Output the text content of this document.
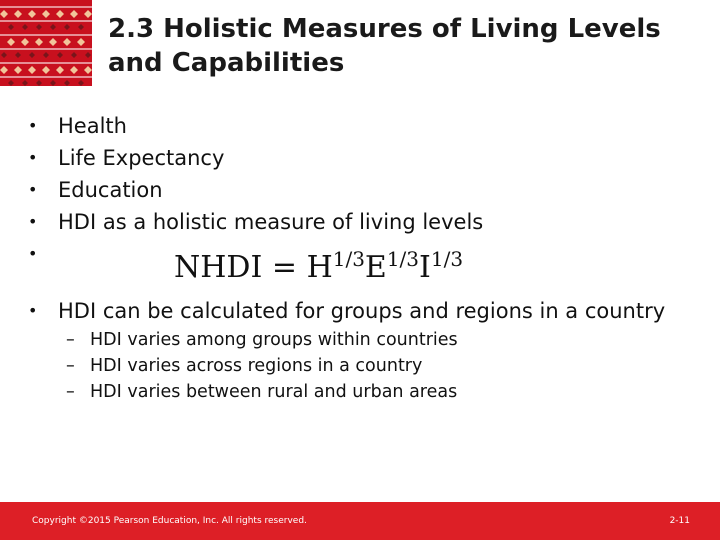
2.3 Holistic Measures of Living Levels
and Capabilities
• Health
• Life Expectancy
• Education
• HDI as a holistic measure of living levels
•	NHDI = $H^{1/3}E^{1/3}I^{1/3}$
• HDI can be calculated for groups and regions in a country
– HDI varies among groups within countries
– HDI varies across regions in a country
– HDI varies between rural and urban areas
Copyright ©2015 Pearson Education, Inc. All rights reserved.	2-11
